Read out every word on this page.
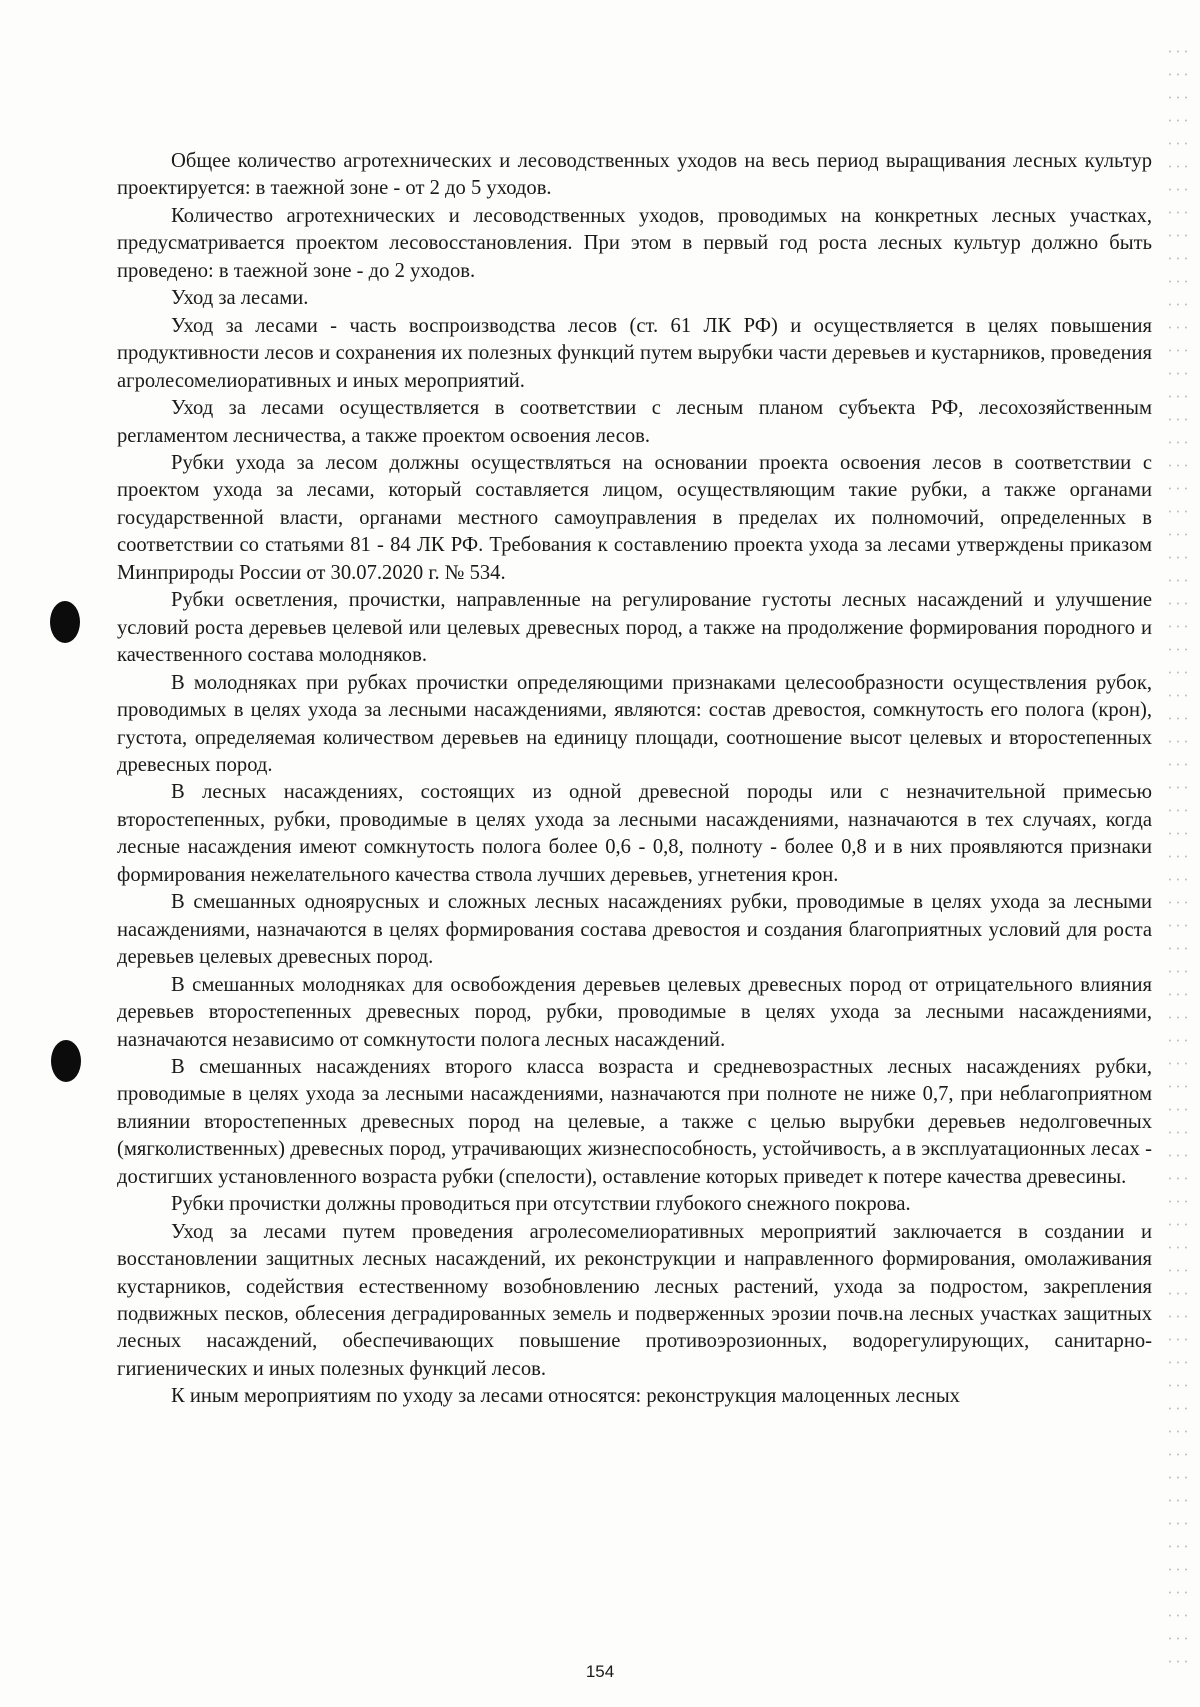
Общее количество агротехнических и лесоводственных уходов на весь период выращивания лесных культур проектируется: в таежной зоне - от 2 до 5 уходов.

Количество агротехнических и лесоводственных уходов, проводимых на конкретных лесных участках, предусматривается проектом лесовосстановления. При этом в первый год роста лесных культур должно быть проведено: в таежной зоне - до 2 уходов.

Уход за лесами.

Уход за лесами - часть воспроизводства лесов (ст. 61 ЛК РФ) и осуществляется в целях повышения продуктивности лесов и сохранения их полезных функций путем вырубки части деревьев и кустарников, проведения агролесомелиоративных и иных мероприятий.

Уход за лесами осуществляется в соответствии с лесным планом субъекта РФ, лесохозяйственным регламентом лесничества, а также проектом освоения лесов.

Рубки ухода за лесом должны осуществляться на основании проекта освоения лесов в соответствии с проектом ухода за лесами, который составляется лицом, осуществляющим такие рубки, а также органами государственной власти, органами местного самоуправления в пределах их полномочий, определенных в соответствии со статьями 81 - 84 ЛК РФ. Требования к составлению проекта ухода за лесами утверждены приказом Минприроды России от 30.07.2020 г. № 534.

Рубки осветления, прочистки, направленные на регулирование густоты лесных насаждений и улучшение условий роста деревьев целевой или целевых древесных пород, а также на продолжение формирования породного и качественного состава молодняков.

В молодняках при рубках прочистки определяющими признаками целесообразности осуществления рубок, проводимых в целях ухода за лесными насаждениями, являются: состав древостоя, сомкнутость его полога (крон), густота, определяемая количеством деревьев на единицу площади, соотношение высот целевых и второстепенных древесных пород.

В лесных насаждениях, состоящих из одной древесной породы или с незначительной примесью второстепенных, рубки, проводимые в целях ухода за лесными насаждениями, назначаются в тех случаях, когда лесные насаждения имеют сомкнутость полога более 0,6 - 0,8, полноту - более 0,8 и в них проявляются признаки формирования нежелательного качества ствола лучших деревьев, угнетения крон.

В смешанных одноярусных и сложных лесных насаждениях рубки, проводимые в целях ухода за лесными насаждениями, назначаются в целях формирования состава древостоя и создания благоприятных условий для роста деревьев целевых древесных пород.

В смешанных молодняках для освобождения деревьев целевых древесных пород от отрицательного влияния деревьев второстепенных древесных пород, рубки, проводимые в целях ухода за лесными насаждениями, назначаются независимо от сомкнутости полога лесных насаждений.

В смешанных насаждениях второго класса возраста и средневозрастных лесных насаждениях рубки, проводимые в целях ухода за лесными насаждениями, назначаются при полноте не ниже 0,7, при неблагоприятном влиянии второстепенных древесных пород на целевые, а также с целью вырубки деревьев недолговечных (мягколиственных) древесных пород, утрачивающих жизнеспособность, устойчивость, а в эксплуатационных лесах - достигших установленного возраста рубки (спелости), оставление которых приведет к потере качества древесины.

Рубки прочистки должны проводиться при отсутствии глубокого снежного покрова.

Уход за лесами путем проведения агролесомелиоративных мероприятий заключается в создании и восстановлении защитных лесных насаждений, их реконструкции и направленного формирования, омолаживания кустарников, содействия естественному возобновлению лесных растений, ухода за подростом, закрепления подвижных песков, облесения деградированных земель и подверженных эрозии почв.на лесных участках защитных лесных насаждений, обеспечивающих повышение противоэрозионных, водорегулирующих, санитарно-гигиенических и иных полезных функций лесов.

К иным мероприятиям по уходу за лесами относятся: реконструкция малоценных лесных

154
